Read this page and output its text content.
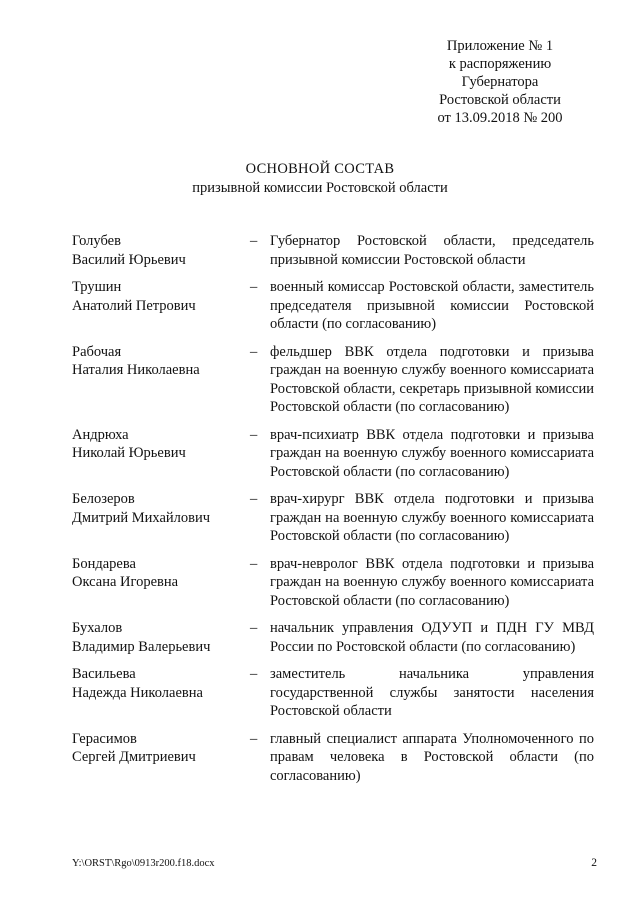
Приложение № 1
к распоряжению
Губернатора
Ростовской области
от 13.09.2018 № 200
ОСНОВНОЙ СОСТАВ
призывной комиссии Ростовской области
Голубев
Василий Юрьевич
– Губернатор Ростовской области, председатель призывной комиссии Ростовской области
Трушин
Анатолий Петрович
– военный комиссар Ростовской области, заместитель председателя призывной комиссии Ростовской области (по согласованию)
Рабочая
Наталия Николаевна
– фельдшер ВВК отдела подготовки и призыва граждан на военную службу военного комиссариата Ростовской области, секретарь призывной комиссии Ростовской области (по согласованию)
Андрюха
Николай Юрьевич
– врач-психиатр ВВК отдела подготовки и призыва граждан на военную службу военного комиссариата Ростовской области (по согласованию)
Белозеров
Дмитрий Михайлович
– врач-хирург ВВК отдела подготовки и призыва граждан на военную службу военного комиссариата Ростовской области (по согласованию)
Бондарева
Оксана Игоревна
– врач-невролог ВВК отдела подготовки и призыва граждан на военную службу военного комиссариата Ростовской области (по согласованию)
Бухалов
Владимир Валерьевич
– начальник управления ОДУУП и ПДН ГУ МВД России по Ростовской области (по согласованию)
Васильева
Надежда Николаевна
– заместитель начальника управления государственной службы занятости населения Ростовской области
Герасимов
Сергей Дмитриевич
– главный специалист аппарата Уполномоченного по правам человека в Ростовской области (по согласованию)
Y:\ORST\Rgo\0913r200.f18.docx	2
